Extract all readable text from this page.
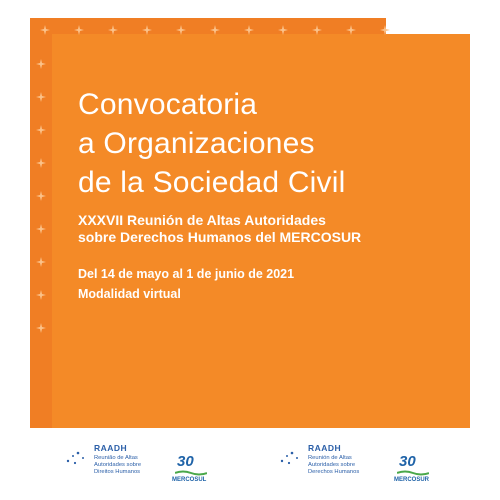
Convocatoria
a Organizaciones
de la Sociedad Civil
XXXVII Reunión de Altas Autoridades
sobre Derechos Humanos del MERCOSUR
Del 14 de mayo al 1 de junio de 2021
Modalidad virtual
RAADH
Reunião de Altas
Autoridades sobre
Direitos Humanos
30
MERCOSUL
RAADH
Reunión de Altas
Autoridades sobre
Derechos Humanos
30
MERCOSUR
